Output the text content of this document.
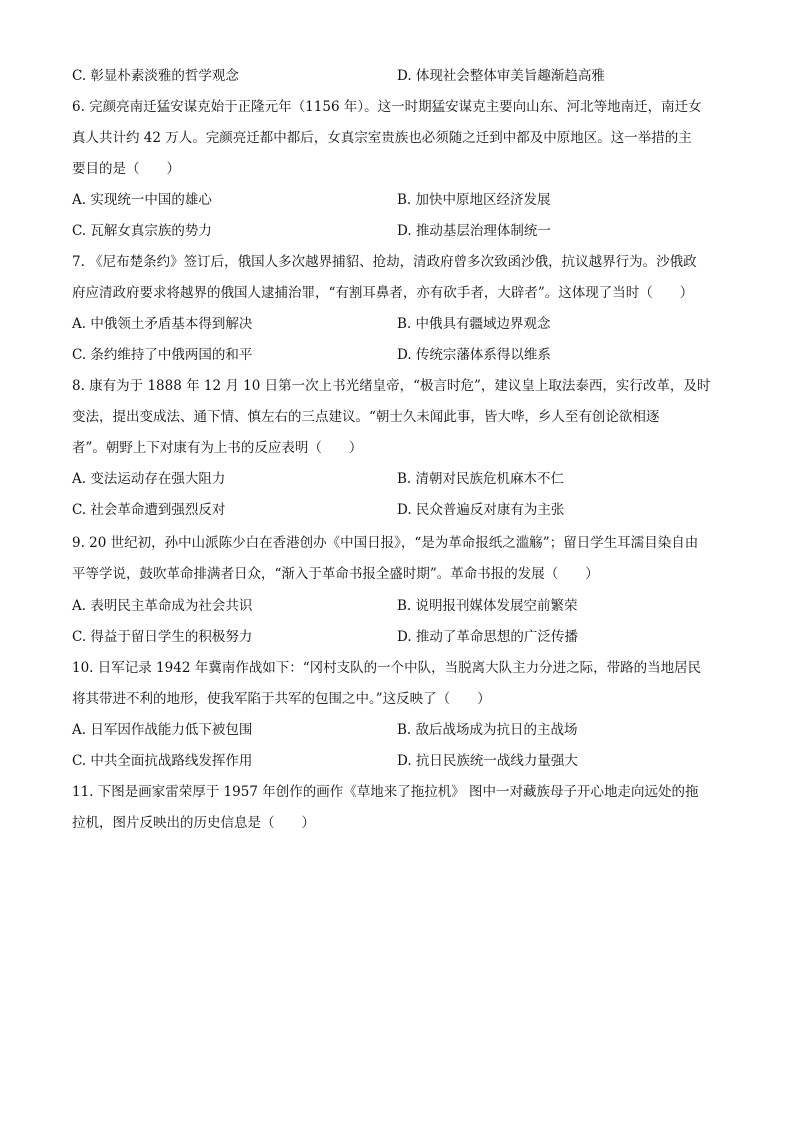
C. 彰显朴素淡雅的哲学观念	D. 体现社会整体审美旨趣渐趋高雅
6. 完颜亮南迁猛安谋克始于正隆元年（1156 年）。这一时期猛安谋克主要向山东、河北等地南迁，南迁女
真人共计约 42 万人。完颜亮迁都中都后，女真宗室贵族也必须随之迁到中都及中原地区。这一举措的主
要目的是（　　）
A. 实现统一中国的雄心	B. 加快中原地区经济发展
C. 瓦解女真宗族的势力	D. 推动基层治理体制统一
7. 《尼布楚条约》签订后，俄国人多次越界捕貂、抢劫，清政府曾多次致函沙俄，抗议越界行为。沙俄政
府应清政府要求将越界的俄国人逮捕治罪，“有割耳鼻者，亦有砍手者，大辟者”。这体现了当时（　　）
A. 中俄领土矛盾基本得到解决	B. 中俄具有疆域边界观念
C. 条约维持了中俄两国的和平	D. 传统宗藩体系得以维系
8. 康有为于 1888 年 12 月 10 日第一次上书光绪皇帝，“极言时危”，建议皇上取法泰西，实行改革，及时
变法，提出变成法、通下情、慎左右的三点建议。“朝士久未闻此事，皆大哗，乡人至有创论欲相逐
者”。朝野上下对康有为上书的反应表明（　　）
A. 变法运动存在强大阻力	B. 清朝对民族危机麻木不仁
C. 社会革命遭到强烈反对	D. 民众普遍反对康有为主张
9. 20 世纪初，孙中山派陈少白在香港创办《中国日报》，“是为革命报纸之滥觞”；留日学生耳濡目染自由
平等学说，鼓吹革命排满者日众，“渐入于革命书报全盛时期”。革命书报的发展（　　）
A. 表明民主革命成为社会共识	B. 说明报刊媒体发展空前繁荣
C. 得益于留日学生的积极努力	D. 推动了革命思想的广泛传播
10. 日军记录 1942 年冀南作战如下：“冈村支队的一个中队，当脱离大队主力分进之际，带路的当地居民
将其带进不利的地形，使我军陷于共军的包围之中。”这反映了（　　）
A. 日军因作战能力低下被包围	B. 敌后战场成为抗日的主战场
C. 中共全面抗战路线发挥作用	D. 抗日民族统一战线力量强大
11. 下图是画家雷荣厚于 1957 年创作的画作《草地来了拖拉机》 图中一对藏族母子开心地走向远处的拖
拉机，图片反映出的历史信息是（　　）
